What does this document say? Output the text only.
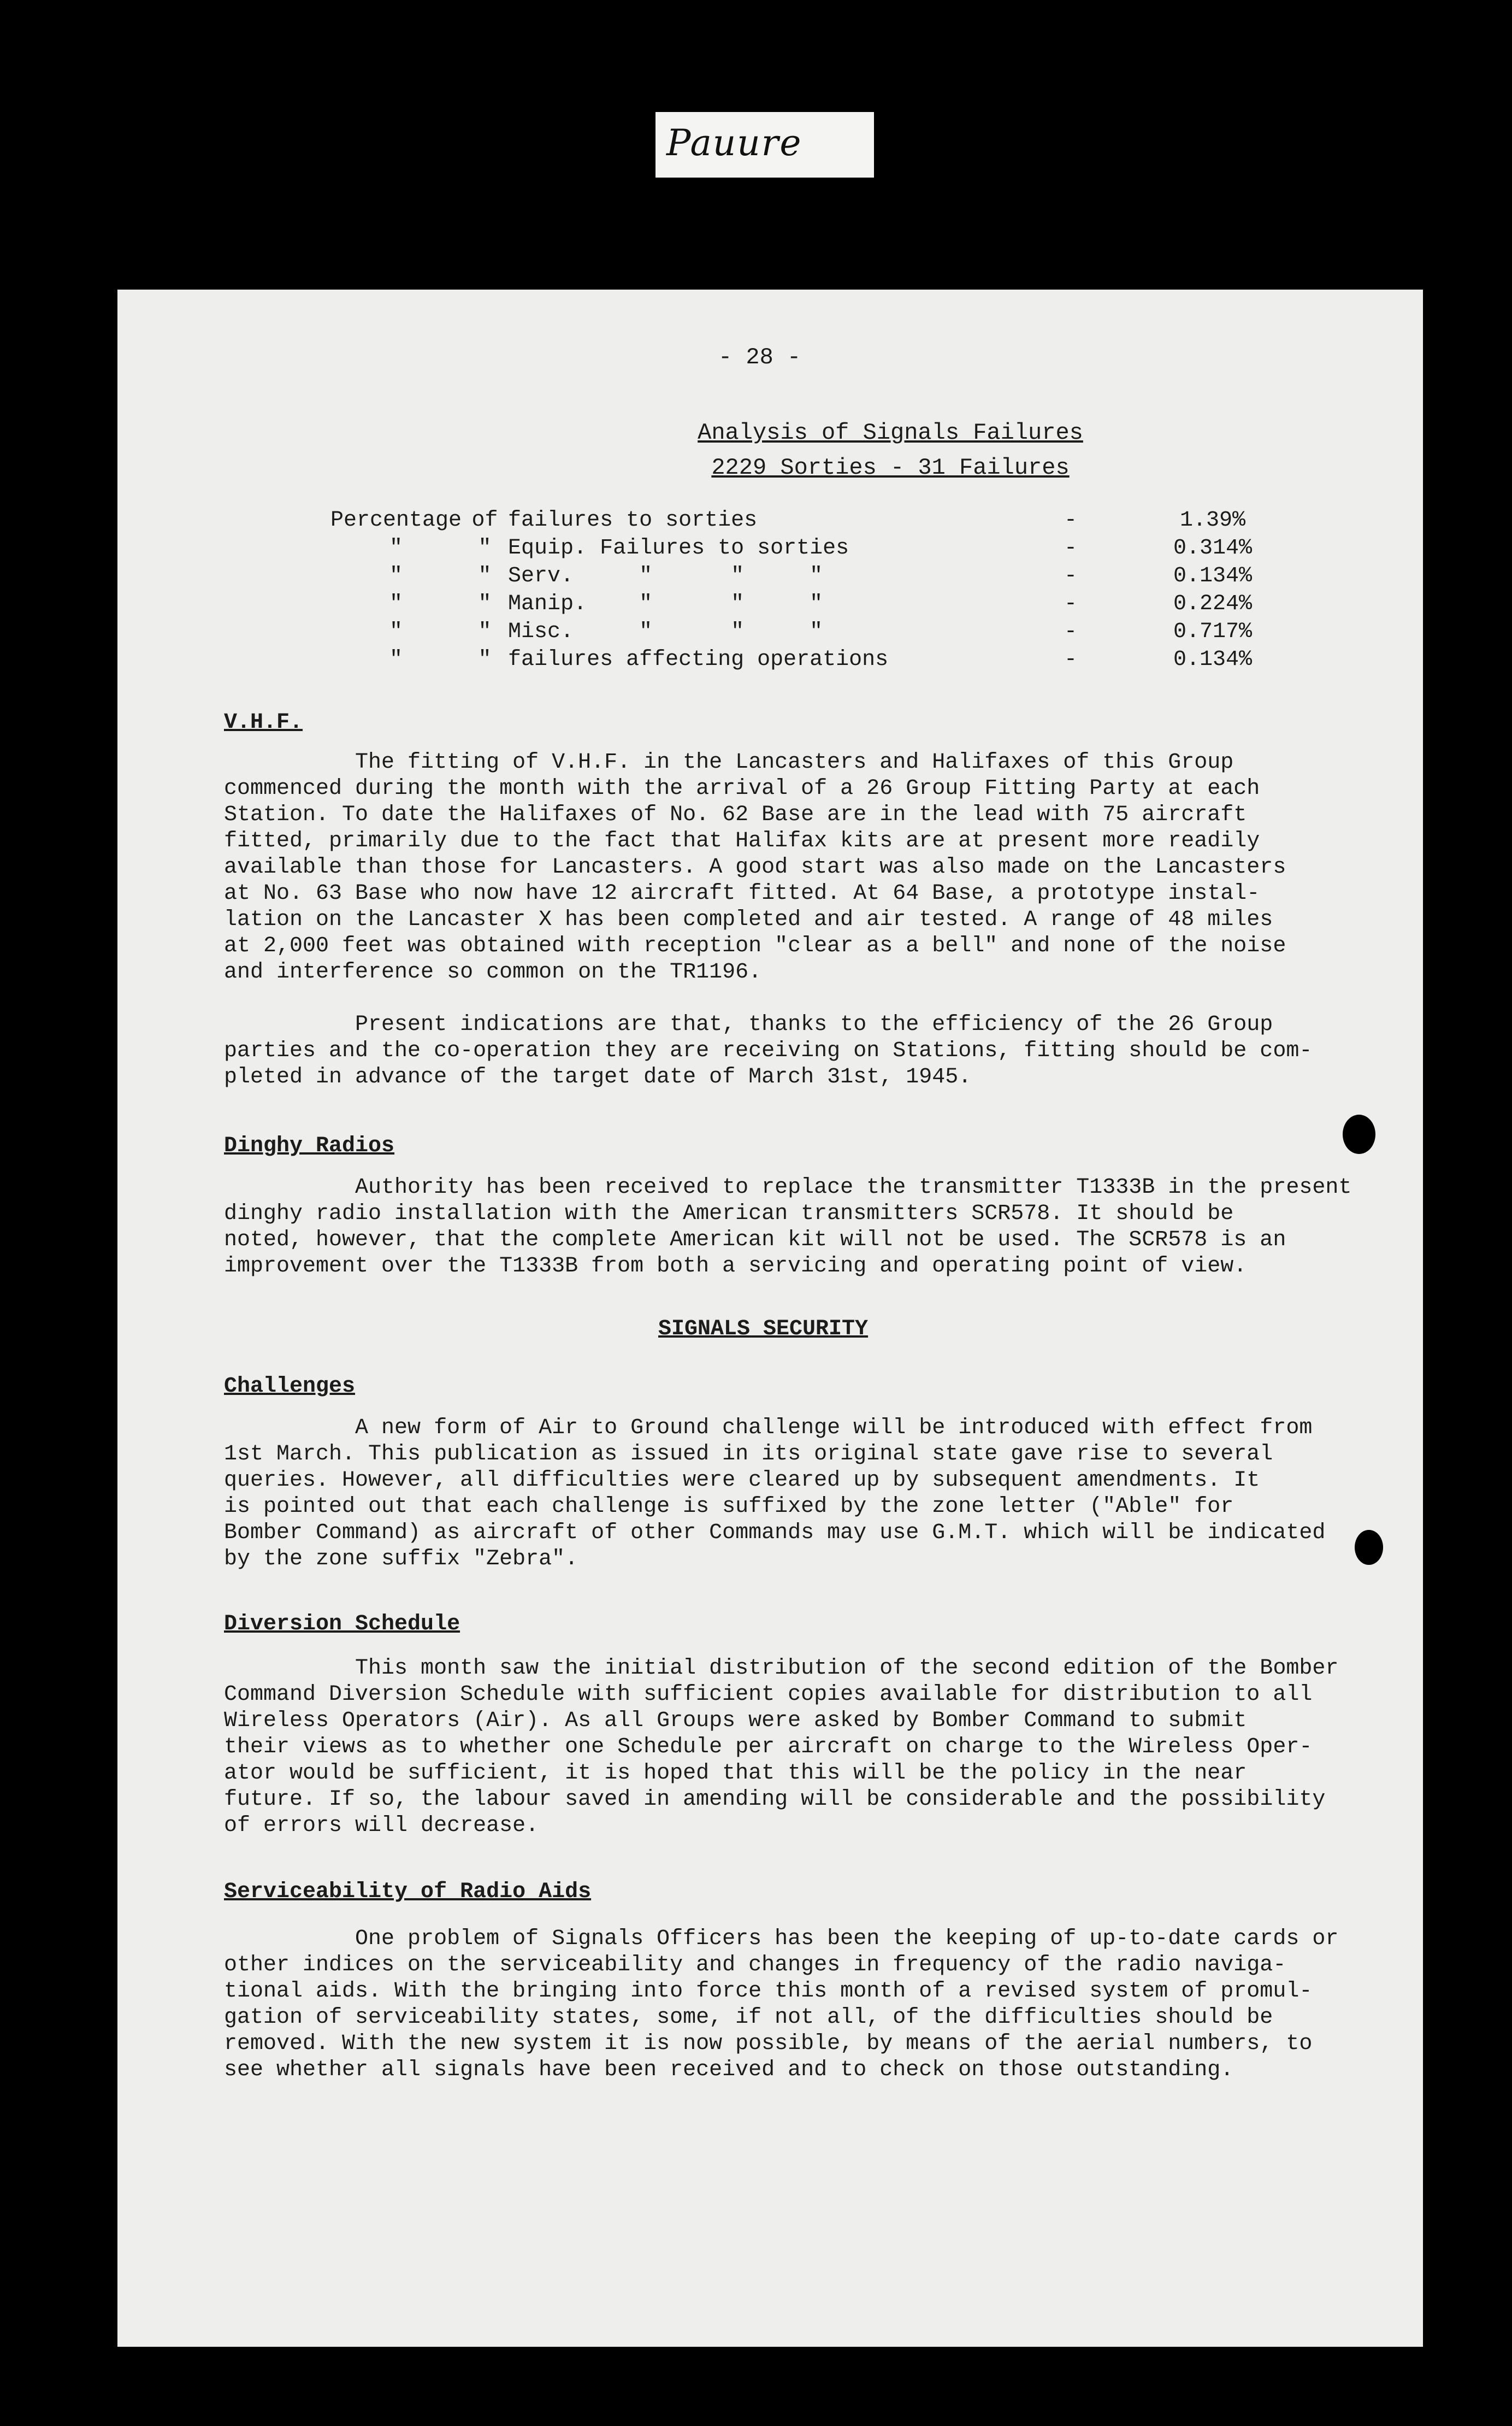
Pauure
- 28 -
Analysis of Signals Failures
2229 Sorties - 31 Failures
Percentage	of	failures to sorties	-	1.39%
"	"	Equip. Failures to sorties	-	0.314%
"	"	Serv.     "      "     "	-	0.134%
"	"	Manip.    "      "     "	-	0.224%
"	"	Misc.     "      "     "	-	0.717%
"	"	failures affecting operations	-	0.134%
V.H.F.
The fitting of V.H.F. in the Lancasters and Halifaxes of this Group
commenced during the month with the arrival of a 26 Group Fitting Party at each
Station. To date the Halifaxes of No. 62 Base are in the lead with 75 aircraft
fitted, primarily due to the fact that Halifax kits are at present more readily
available than those for Lancasters. A good start was also made on the Lancasters
at No. 63 Base who now have 12 aircraft fitted. At 64 Base, a prototype instal-
lation on the Lancaster X has been completed and air tested. A range of 48 miles
at 2,000 feet was obtained with reception "clear as a bell" and none of the noise
and interference so common on the TR1196.
Present indications are that, thanks to the efficiency of the 26 Group
parties and the co-operation they are receiving on Stations, fitting should be com-
pleted in advance of the target date of March 31st, 1945.
Dinghy Radios
Authority has been received to replace the transmitter T1333B in the present
dinghy radio installation with the American transmitters SCR578. It should be
noted, however, that the complete American kit will not be used. The SCR578 is an
improvement over the T1333B from both a servicing and operating point of view.
SIGNALS SECURITY
Challenges
A new form of Air to Ground challenge will be introduced with effect from
1st March. This publication as issued in its original state gave rise to several
queries. However, all difficulties were cleared up by subsequent amendments. It
is pointed out that each challenge is suffixed by the zone letter ("Able" for
Bomber Command) as aircraft of other Commands may use G.M.T. which will be indicated
by the zone suffix "Zebra".
Diversion Schedule
This month saw the initial distribution of the second edition of the Bomber
Command Diversion Schedule with sufficient copies available for distribution to all
Wireless Operators (Air). As all Groups were asked by Bomber Command to submit
their views as to whether one Schedule per aircraft on charge to the Wireless Oper-
ator would be sufficient, it is hoped that this will be the policy in the near
future. If so, the labour saved in amending will be considerable and the possibility
of errors will decrease.
Serviceability of Radio Aids
One problem of Signals Officers has been the keeping of up-to-date cards or
other indices on the serviceability and changes in frequency of the radio naviga-
tional aids. With the bringing into force this month of a revised system of promul-
gation of serviceability states, some, if not all, of the difficulties should be
removed. With the new system it is now possible, by means of the aerial numbers, to
see whether all signals have been received and to check on those outstanding.
